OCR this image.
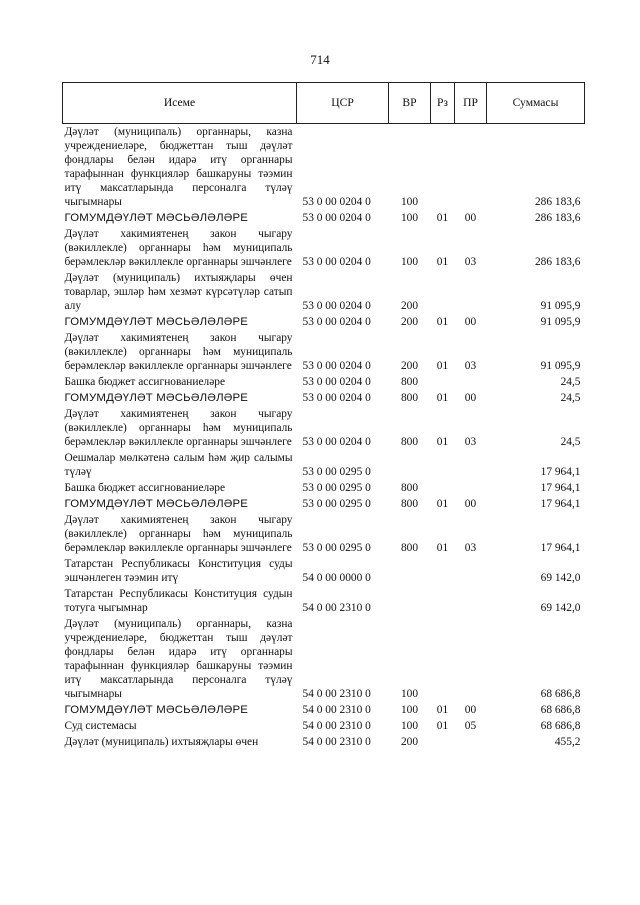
714
Исеме	ЦСР	ВР	Рз	ПР	Суммасы
Дәүләт (муниципаль) органнары, казна учреждениеләре, бюджеттан тыш дәүләт фондлары белән идарә итү органнары тарафыннан функцияләр башкаруны тәэмин итү максатларында персоналга түләү чыгымнары	53 0 00 0204 0	100			286 183,6
ГОМУМДӘҮЛӘТ МӘСЬӘЛӘЛӘРЕ	53 0 00 0204 0	100	01	00	286 183,6
Дәүләт хакимиятенең закон чыгару (вәкиллекле) органнары һәм муниципаль берәмлекләр вәкиллекле органнары эшчәнлеге	53 0 00 0204 0	100	01	03	286 183,6
Дәүләт (муниципаль) ихтыяҗлары өчен товарлар, эшләр һәм хезмәт күрсәтүләр сатып алу	53 0 00 0204 0	200			91 095,9
ГОМУМДӘҮЛӘТ МӘСЬӘЛӘЛӘРЕ	53 0 00 0204 0	200	01	00	91 095,9
Дәүләт хакимиятенең закон чыгару (вәкиллекле) органнары һәм муниципаль берәмлекләр вәкиллекле органнары эшчәнлеге	53 0 00 0204 0	200	01	03	91 095,9
Башка бюджет ассигнованиеләре	53 0 00 0204 0	800			24,5
ГОМУМДӘҮЛӘТ МӘСЬӘЛӘЛӘРЕ	53 0 00 0204 0	800	01	00	24,5
Дәүләт хакимиятенең закон чыгару (вәкиллекле) органнары һәм муниципаль берәмлекләр вәкиллекле органнары эшчәнлеге	53 0 00 0204 0	800	01	03	24,5
Оешмалар мөлкәтенә салым һәм җир салымы түләү	53 0 00 0295 0				17 964,1
Башка бюджет ассигнованиеләре	53 0 00 0295 0	800			17 964,1
ГОМУМДӘҮЛӘТ МӘСЬӘЛӘЛӘРЕ	53 0 00 0295 0	800	01	00	17 964,1
Дәүләт хакимиятенең закон чыгару (вәкиллекле) органнары һәм муниципаль берәмлекләр вәкиллекле органнары эшчәнлеге	53 0 00 0295 0	800	01	03	17 964,1
Татарстан Республикасы Конституция суды эшчәнлеген тәэмин итү	54 0 00 0000 0				69 142,0
Татарстан Республикасы Конституция судын тотуга чыгымнар	54 0 00 2310 0				69 142,0
Дәүләт (муниципаль) органнары, казна учреждениеләре, бюджеттан тыш дәүләт фондлары белән идарә итү органнары тарафыннан функцияләр башкаруны тәэмин итү максатларында персоналга түләү чыгымнары	54 0 00 2310 0	100			68 686,8
ГОМУМДӘҮЛӘТ МӘСЬӘЛӘЛӘРЕ	54 0 00 2310 0	100	01	00	68 686,8
Суд системасы	54 0 00 2310 0	100	01	05	68 686,8
Дәүләт (муниципаль) ихтыяҗлары өчен	54 0 00 2310 0	200			455,2
